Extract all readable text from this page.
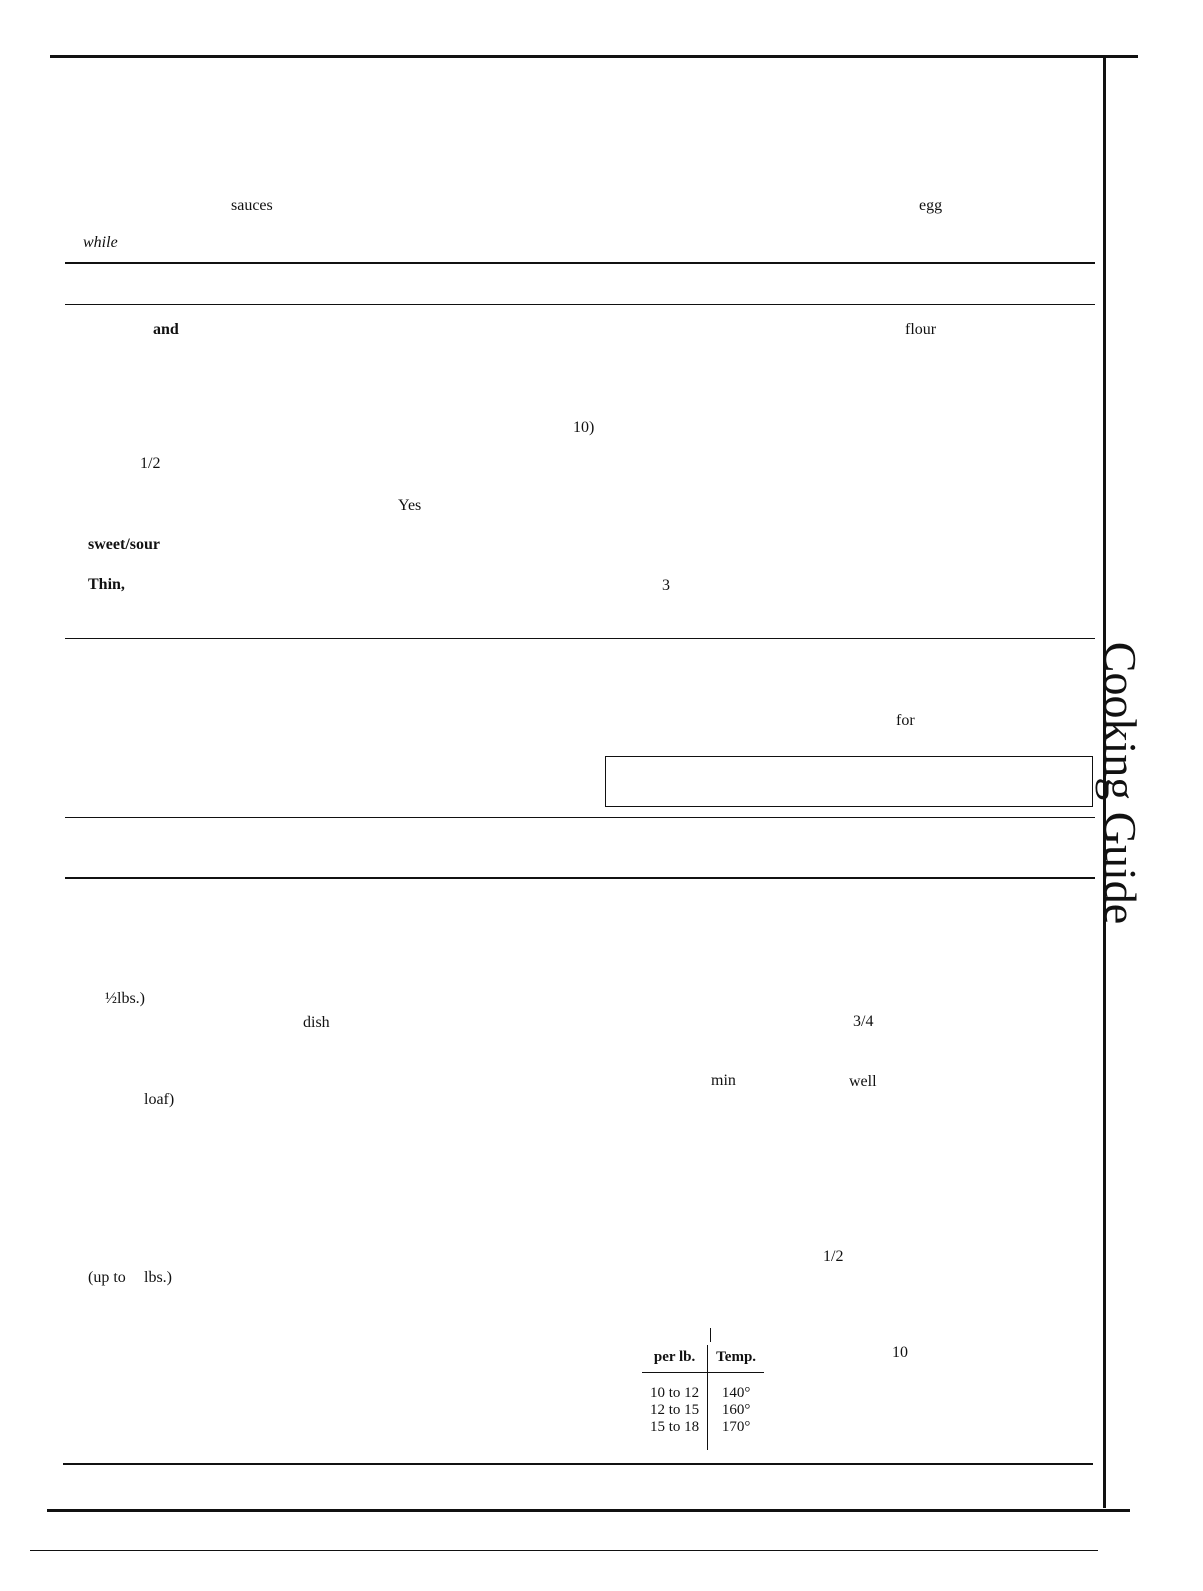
Cooking Guide
sauces	egg
while
and	flour
10)
1/2
Yes
sweet/sour
Thin,	3
for
½lbs.)
dish	3/4
min	well
loaf)
1/2
(up to lbs.)
10
per lb.	Temp.

10 to 12	140°
12 to 15	160°
15 to 18	170°
